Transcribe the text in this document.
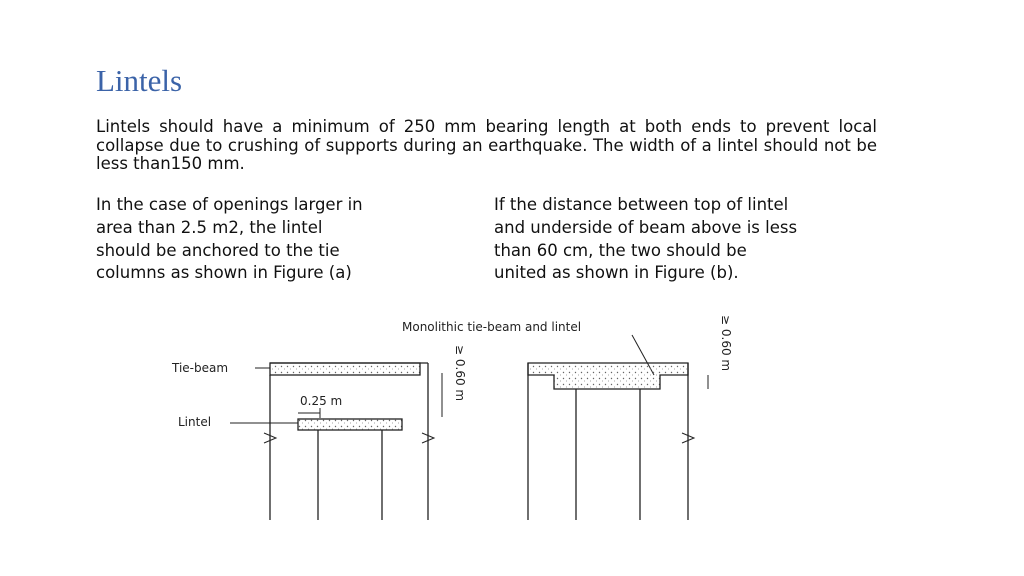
Lintels
Lintels should have a minimum of 250 mm bearing length at both ends to prevent local collapse due to crushing of supports during an earthquake. The width of a lintel should not be less than150 mm.
In the case of openings larger in
area than 2.5 m2, the lintel
should be anchored to the tie
columns as shown in Figure (a)
If the distance between top of lintel
and underside of beam above is less
than 60 cm, the two should be
united as shown in Figure (b).
Tie-beam
Lintel
0.25 m	≥ 0.60 m
Monolithic tie-beam and lintel	≥ 0.60 m
